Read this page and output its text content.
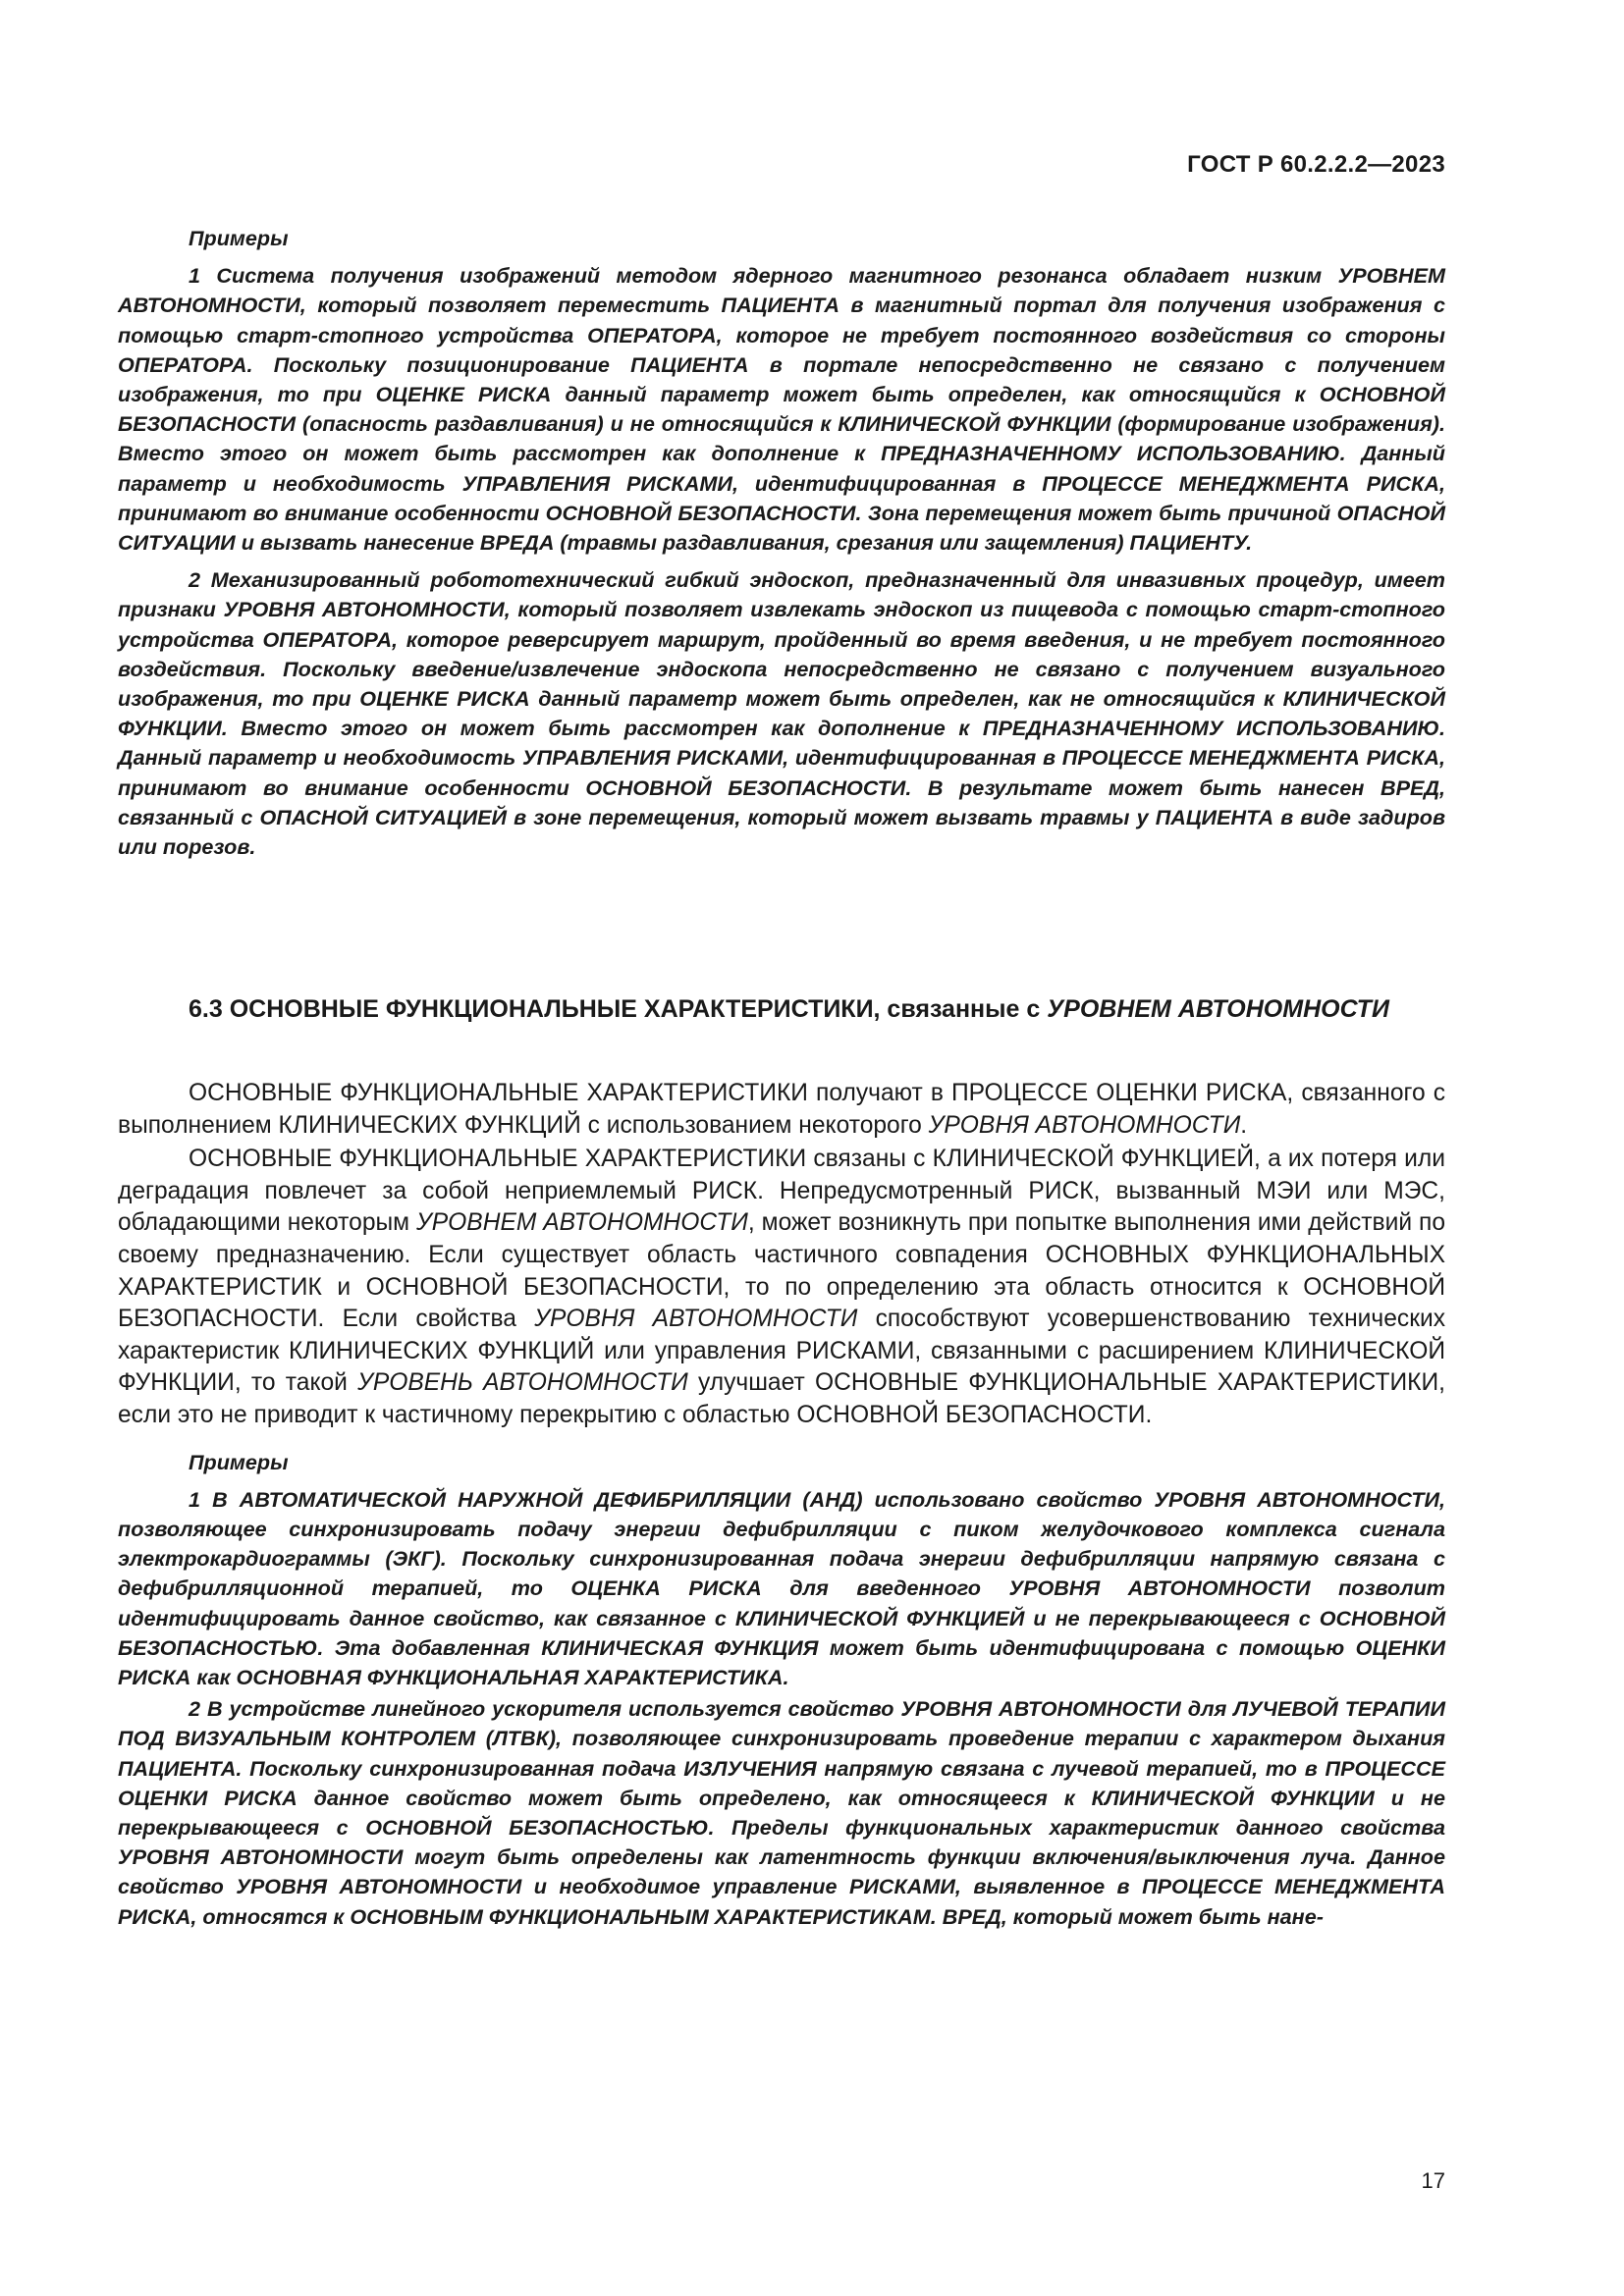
ГОСТ Р 60.2.2.2—2023

Примеры

1 Система получения изображений методом ядерного магнитного резонанса обладает низким УРОВНЕМ АВТОНОМНОСТИ, который позволяет переместить ПАЦИЕНТА в магнитный портал для получения изображения с помощью старт-стопного устройства ОПЕРАТОРА, которое не требует постоянного воздействия со стороны ОПЕРАТОРА. Поскольку позиционирование ПАЦИЕНТА в портале непосредственно не связано с получением изображения, то при ОЦЕНКЕ РИСКА данный параметр может быть определен, как относящийся к ОСНОВНОЙ БЕЗОПАСНОСТИ (опасность раздавливания) и не относящийся к КЛИНИЧЕСКОЙ ФУНКЦИИ (формирование изображения). Вместо этого он может быть рассмотрен как дополнение к ПРЕДНАЗНАЧЕННОМУ ИСПОЛЬЗОВАНИЮ. Данный параметр и необходимость УПРАВЛЕНИЯ РИСКАМИ, идентифицированная в ПРОЦЕССЕ МЕНЕДЖМЕНТА РИСКА, принимают во внимание особенности ОСНОВНОЙ БЕЗОПАСНОСТИ. Зона перемещения может быть причиной ОПАСНОЙ СИТУАЦИИ и вызвать нанесение ВРЕДА (травмы раздавливания, срезания или защемления) ПАЦИЕНТУ.

2 Механизированный робототехнический гибкий эндоскоп, предназначенный для инвазивных процедур, имеет признаки УРОВНЯ АВТОНОМНОСТИ, который позволяет извлекать эндоскоп из пищевода с помощью старт-стопного устройства ОПЕРАТОРА, которое реверсирует маршрут, пройденный во время введения, и не требует постоянного воздействия. Поскольку введение/извлечение эндоскопа непосредственно не связано с получением визуального изображения, то при ОЦЕНКЕ РИСКА данный параметр может быть определен, как не относящийся к КЛИНИЧЕСКОЙ ФУНКЦИИ. Вместо этого он может быть рассмотрен как дополнение к ПРЕДНАЗНАЧЕННОМУ ИСПОЛЬЗОВАНИЮ. Данный параметр и необходимость УПРАВЛЕНИЯ РИСКАМИ, идентифицированная в ПРОЦЕССЕ МЕНЕДЖМЕНТА РИСКА, принимают во внимание особенности ОСНОВНОЙ БЕЗОПАСНОСТИ. В результате может быть нанесен ВРЕД, связанный с ОПАСНОЙ СИТУАЦИЕЙ в зоне перемещения, который может вызвать травмы у ПАЦИЕНТА в виде задиров или порезов.

6.3 ОСНОВНЫЕ ФУНКЦИОНАЛЬНЫЕ ХАРАКТЕРИСТИКИ, связанные с УРОВНЕМ АВТОНОМНОСТИ

ОСНОВНЫЕ ФУНКЦИОНАЛЬНЫЕ ХАРАКТЕРИСТИКИ получают в ПРОЦЕССЕ ОЦЕНКИ РИСКА, связанного с выполнением КЛИНИЧЕСКИХ ФУНКЦИЙ с использованием некоторого УРОВНЯ АВТОНОМНОСТИ.

ОСНОВНЫЕ ФУНКЦИОНАЛЬНЫЕ ХАРАКТЕРИСТИКИ связаны с КЛИНИЧЕСКОЙ ФУНКЦИЕЙ, а их потеря или деградация повлечет за собой неприемлемый РИСК. Непредусмотренный РИСК, вызванный МЭИ или МЭС, обладающими некоторым УРОВНЕМ АВТОНОМНОСТИ, может возникнуть при попытке выполнения ими действий по своему предназначению. Если существует область частичного совпадения ОСНОВНЫХ ФУНКЦИОНАЛЬНЫХ ХАРАКТЕРИСТИК и ОСНОВНОЙ БЕЗОПАСНОСТИ, то по определению эта область относится к ОСНОВНОЙ БЕЗОПАСНОСТИ. Если свойства УРОВНЯ АВТОНОМНОСТИ способствуют усовершенствованию технических характеристик КЛИНИЧЕСКИХ ФУНКЦИЙ или управления РИСКАМИ, связанными с расширением КЛИНИЧЕСКОЙ ФУНКЦИИ, то такой УРОВЕНЬ АВТОНОМНОСТИ улучшает ОСНОВНЫЕ ФУНКЦИОНАЛЬНЫЕ ХАРАКТЕРИСТИКИ, если это не приводит к частичному перекрытию с областью ОСНОВНОЙ БЕЗОПАСНОСТИ.

Примеры

1 В АВТОМАТИЧЕСКОЙ НАРУЖНОЙ ДЕФИБРИЛЛЯЦИИ (АНД) использовано свойство УРОВНЯ АВТОНОМНОСТИ, позволяющее синхронизировать подачу энергии дефибрилляции с пиком желудочкового комплекса сигнала электрокардиограммы (ЭКГ). Поскольку синхронизированная подача энергии дефибрилляции напрямую связана с дефибрилляционной терапией, то ОЦЕНКА РИСКА для введенного УРОВНЯ АВТОНОМНОСТИ позволит идентифицировать данное свойство, как связанное с КЛИНИЧЕСКОЙ ФУНКЦИЕЙ и не перекрывающееся с ОСНОВНОЙ БЕЗОПАСНОСТЬЮ. Эта добавленная КЛИНИЧЕСКАЯ ФУНКЦИЯ может быть идентифицирована с помощью ОЦЕНКИ РИСКА как ОСНОВНАЯ ФУНКЦИОНАЛЬНАЯ ХАРАКТЕРИСТИКА.

2 В устройстве линейного ускорителя используется свойство УРОВНЯ АВТОНОМНОСТИ для ЛУЧЕВОЙ ТЕРАПИИ ПОД ВИЗУАЛЬНЫМ КОНТРОЛЕМ (ЛТВК), позволяющее синхронизировать проведение терапии с характером дыхания ПАЦИЕНТА. Поскольку синхронизированная подача ИЗЛУЧЕНИЯ напрямую связана с лучевой терапией, то в ПРОЦЕССЕ ОЦЕНКИ РИСКА данное свойство может быть определено, как относящееся к КЛИНИЧЕСКОЙ ФУНКЦИИ и не перекрывающееся с ОСНОВНОЙ БЕЗОПАСНОСТЬЮ. Пределы функциональных характеристик данного свойства УРОВНЯ АВТОНОМНОСТИ могут быть определены как латентность функции включения/выключения луча. Данное свойство УРОВНЯ АВТОНОМНОСТИ и необходимое управление РИСКАМИ, выявленное в ПРОЦЕССЕ МЕНЕДЖМЕНТА РИСКА, относятся к ОСНОВНЫМ ФУНКЦИОНАЛЬНЫМ ХАРАКТЕРИСТИКАМ. ВРЕД, который может быть нане-

17
